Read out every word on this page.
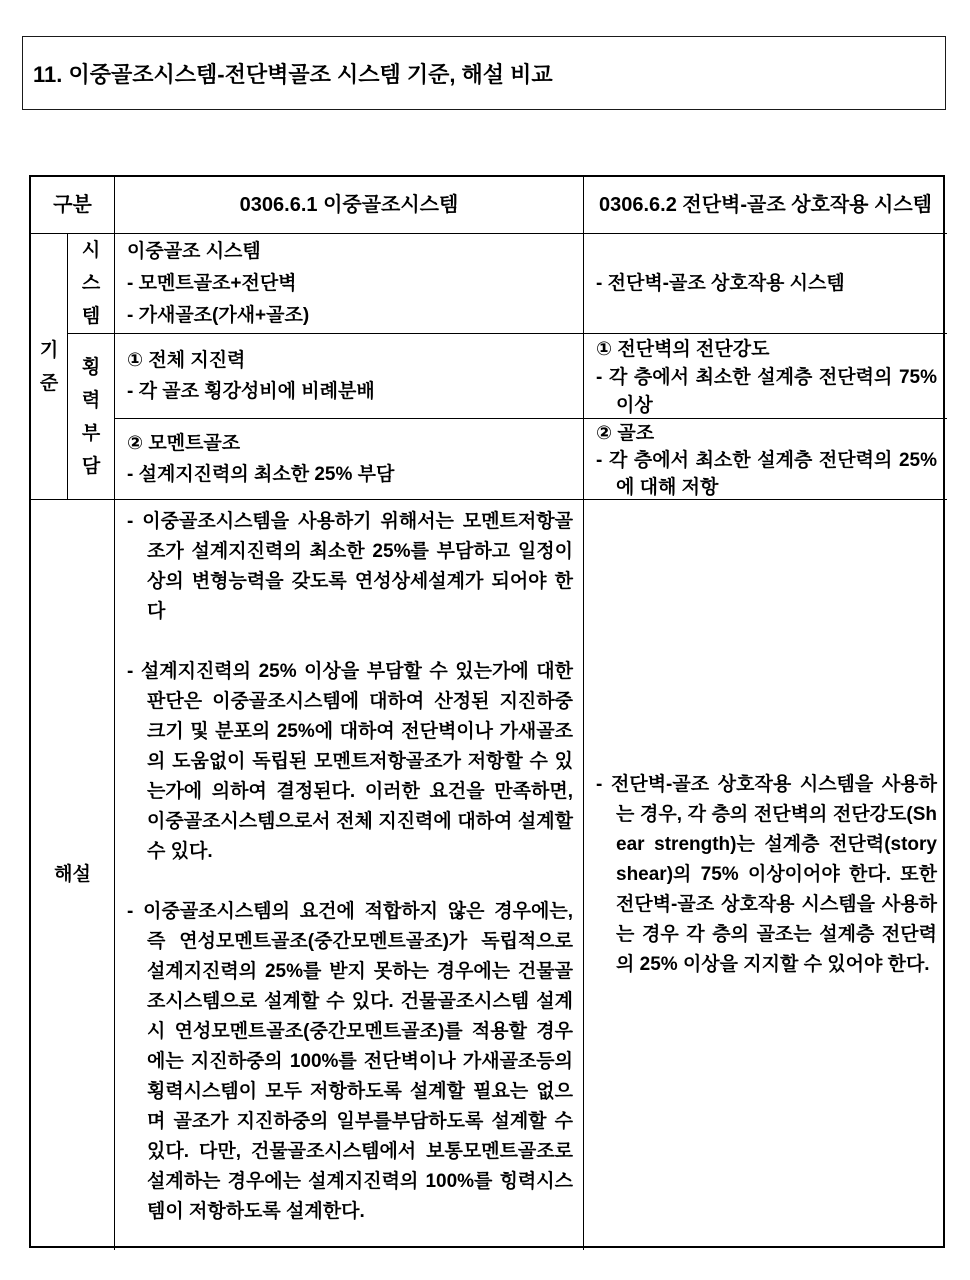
11. 이중골조시스템-전단벽골조 시스템 기준, 해설 비교
구분	0306.6.1 이중골조시스템	0306.6.2 전단벽-골조 상호작용 시스템
기준
시스템
횡력부담

이중골조 시스템

- 모멘트골조+전단벽

- 가새골조(가새+골조)

- 전단벽-골조 상호작용 시스템

① 전체 지진력

- 각 골조 횡강성비에 비례분배

① 전단벽의 전단강도

- 각 층에서 최소한 설계층 전단력의 75% 이상

② 모멘트골조

- 설계지진력의 최소한 25% 부담

② 골조

- 각 층에서 최소한 설계층 전단력의 25%에 대해 저항

해설

- 이중골조시스템을 사용하기 위해서는 모멘트저항골조가 설계지진력의 최소한 25%를 부담하고 일정이상의 변형능력을 갖도록 연성상세설계가 되어야 한다

- 설계지진력의 25% 이상을 부담할 수 있는가에 대한 판단은 이중골조시스템에 대하여 산정된 지진하중 크기 및 분포의 25%에 대하여 전단벽이나 가새골조의 도움없이 독립된 모멘트저항골조가 저항할 수 있는가에 의하여 결정된다. 이러한 요건을 만족하면, 이중골조시스템으로서 전체 지진력에 대하여 설계할 수 있다.

- 이중골조시스템의 요건에 적합하지 않은 경우에는, 즉 연성모멘트골조(중간모멘트골조)가 독립적으로 설계지진력의 25%를 받지 못하는 경우에는 건물골조시스템으로 설계할 수 있다. 건물골조시스템 설계시 연성모멘트골조(중간모멘트골조)를 적용할 경우에는 지진하중의 100%를 전단벽이나 가새골조등의 횡력시스템이 모두 저항하도록 설계할 필요는 없으며 골조가 지진하중의 일부를부담하도록 설계할 수 있다. 다만, 건물골조시스템에서 보통모멘트골조로 설계하는 경우에는 설계지진력의 100%를 힝력시스템이 저항하도록 설계한다.

- 전단벽-골조 상호작용 시스템을 사용하는 경우, 각 층의 전단벽의 전단강도(Shear strength)는 설계층 전단력(story shear)의 75% 이상이어야 한다. 또한 전단벽-골조 상호작용 시스템을 사용하는 경우 각 층의 골조는 설계층 전단력의 25% 이상을 지지할 수 있어야 한다.
